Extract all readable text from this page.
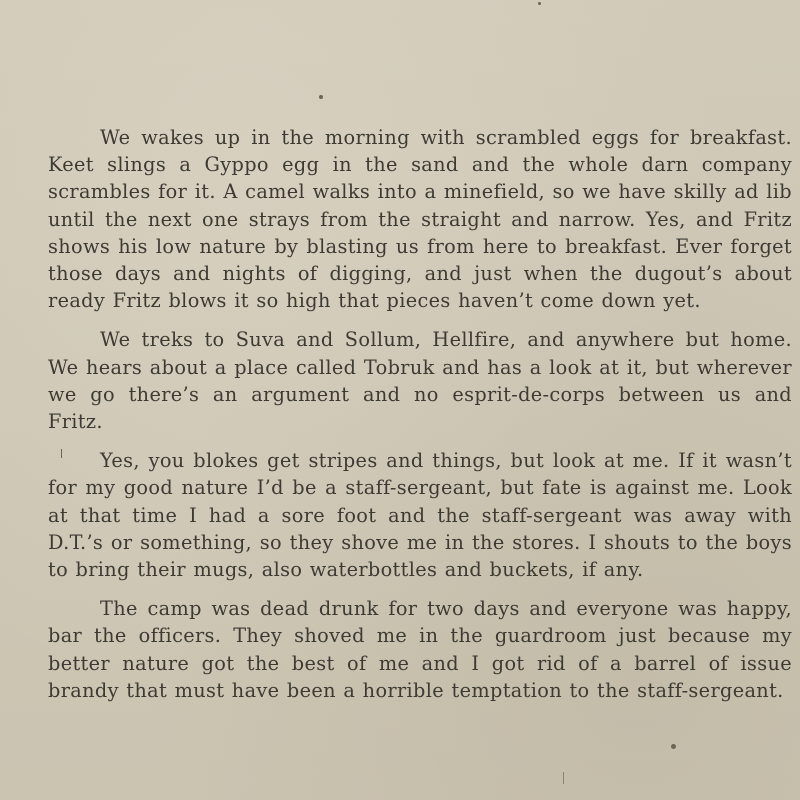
We wakes up in the morning with scrambled eggs for breakfast. Keet slings a Gyppo egg in the sand and the whole darn company scrambles for it. A camel walks into a minefield, so we have skilly ad lib until the next one strays from the straight and narrow. Yes, and Fritz shows his low nature by blasting us from here to breakfast. Ever forget those days and nights of digging, and just when the dugout’s about ready Fritz blows it so high that pieces haven’t come down yet.

We treks to Suva and Sollum, Hellfire, and anywhere but home. We hears about a place called Tobruk and has a look at it, but wherever we go there’s an argument and no esprit-de-corps between us and Fritz.

Yes, you blokes get stripes and things, but look at me. If it wasn’t for my good nature I’d be a staff-sergeant, but fate is against me. Look at that time I had a sore foot and the staff-sergeant was away with D.T.’s or something, so they shove me in the stores. I shouts to the boys to bring their mugs, also waterbottles and buckets, if any.

The camp was dead drunk for two days and everyone was happy, bar the officers. They shoved me in the guardroom just because my better nature got the best of me and I got rid of a barrel of issue brandy that must have been a horrible temptation to the staff-sergeant.
